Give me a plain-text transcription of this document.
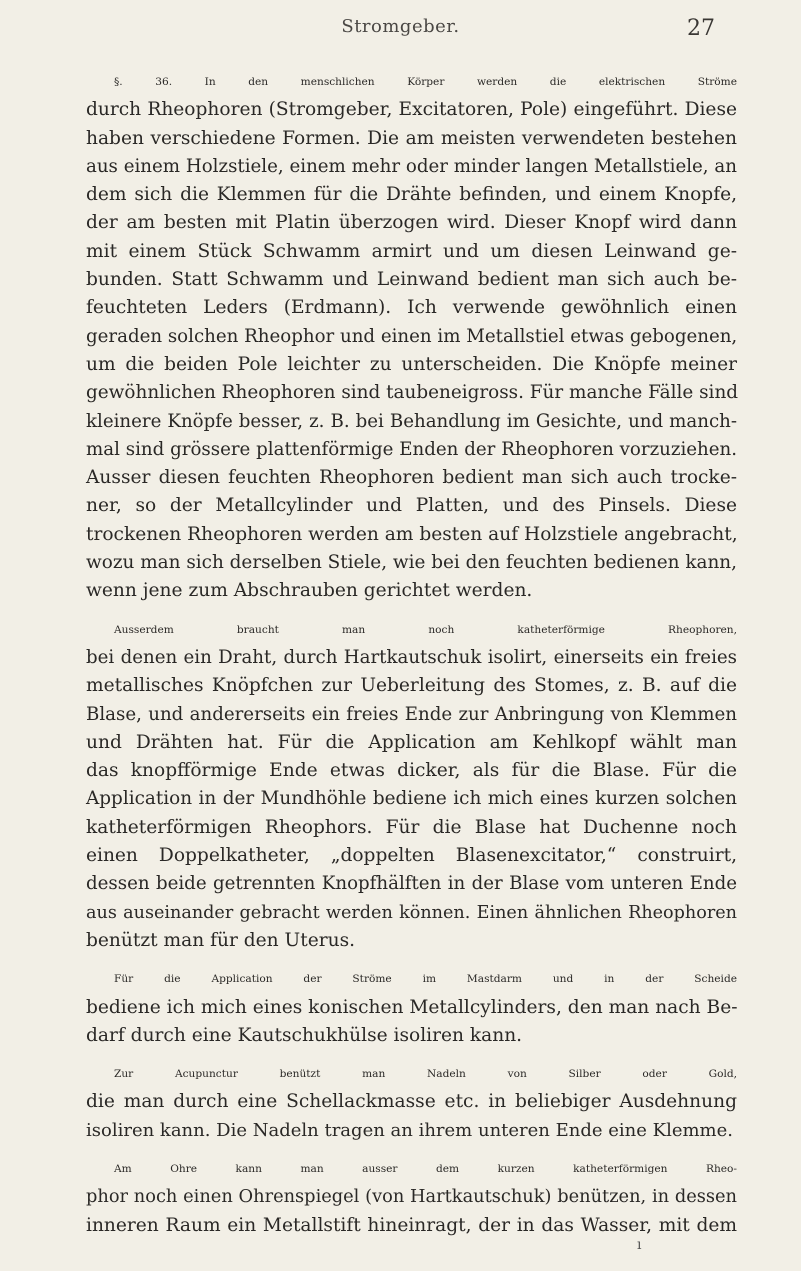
Stromgeber.	27

§. 36. In den menschlichen Körper werden die elektrischen Ströme
durch Rheophoren (Stromgeber, Excitatoren, Pole) eingeführt. Diese
haben verschiedene Formen. Die am meisten verwendeten bestehen
aus einem Holzstiele, einem mehr oder minder langen Metallstiele, an
dem sich die Klemmen für die Drähte befinden, und einem Knopfe,
der am besten mit Platin überzogen wird. Dieser Knopf wird dann
mit einem Stück Schwamm armirt und um diesen Leinwand ge-
bunden. Statt Schwamm und Leinwand bedient man sich auch be-
feuchteten Leders (Erdmann). Ich verwende gewöhnlich einen
geraden solchen Rheophor und einen im Metallstiel etwas gebogenen,
um die beiden Pole leichter zu unterscheiden. Die Knöpfe meiner
gewöhnlichen Rheophoren sind taubeneigross. Für manche Fälle sind
kleinere Knöpfe besser, z. B. bei Behandlung im Gesichte, und manch-
mal sind grössere plattenförmige Enden der Rheophoren vorzuziehen.
Ausser diesen feuchten Rheophoren bedient man sich auch trocke-
ner, so der Metallcylinder und Platten, und des Pinsels. Diese
trockenen Rheophoren werden am besten auf Holzstiele angebracht,
wozu man sich derselben Stiele, wie bei den feuchten bedienen kann,
wenn jene zum Abschrauben gerichtet werden.

Ausserdem braucht man noch katheterförmige Rheophoren,
bei denen ein Draht, durch Hartkautschuk isolirt, einerseits ein freies
metallisches Knöpfchen zur Ueberleitung des Stomes, z. B. auf die
Blase, und andererseits ein freies Ende zur Anbringung von Klemmen
und Drähten hat. Für die Application am Kehlkopf wählt man
das knopfförmige Ende etwas dicker, als für die Blase. Für die
Application in der Mundhöhle bediene ich mich eines kurzen solchen
katheterförmigen Rheophors. Für die Blase hat Duchenne noch
einen Doppelkatheter, „doppelten Blasenexcitator,“ construirt,
dessen beide getrennten Knopfhälften in der Blase vom unteren Ende
aus auseinander gebracht werden können. Einen ähnlichen Rheophoren
benützt man für den Uterus.

Für die Application der Ströme im Mastdarm und in der Scheide
bediene ich mich eines konischen Metallcylinders, den man nach Be-
darf durch eine Kautschukhülse isoliren kann.

Zur Acupunctur benützt man Nadeln von Silber oder Gold,
die man durch eine Schellackmasse etc. in beliebiger Ausdehnung
isoliren kann. Die Nadeln tragen an ihrem unteren Ende eine Klemme.

Am Ohre kann man ausser dem kurzen katheterförmigen Rheo-
phor noch einen Ohrenspiegel (von Hartkautschuk) benützen, in dessen
inneren Raum ein Metallstift hineinragt, der in das Wasser, mit dem

ı
